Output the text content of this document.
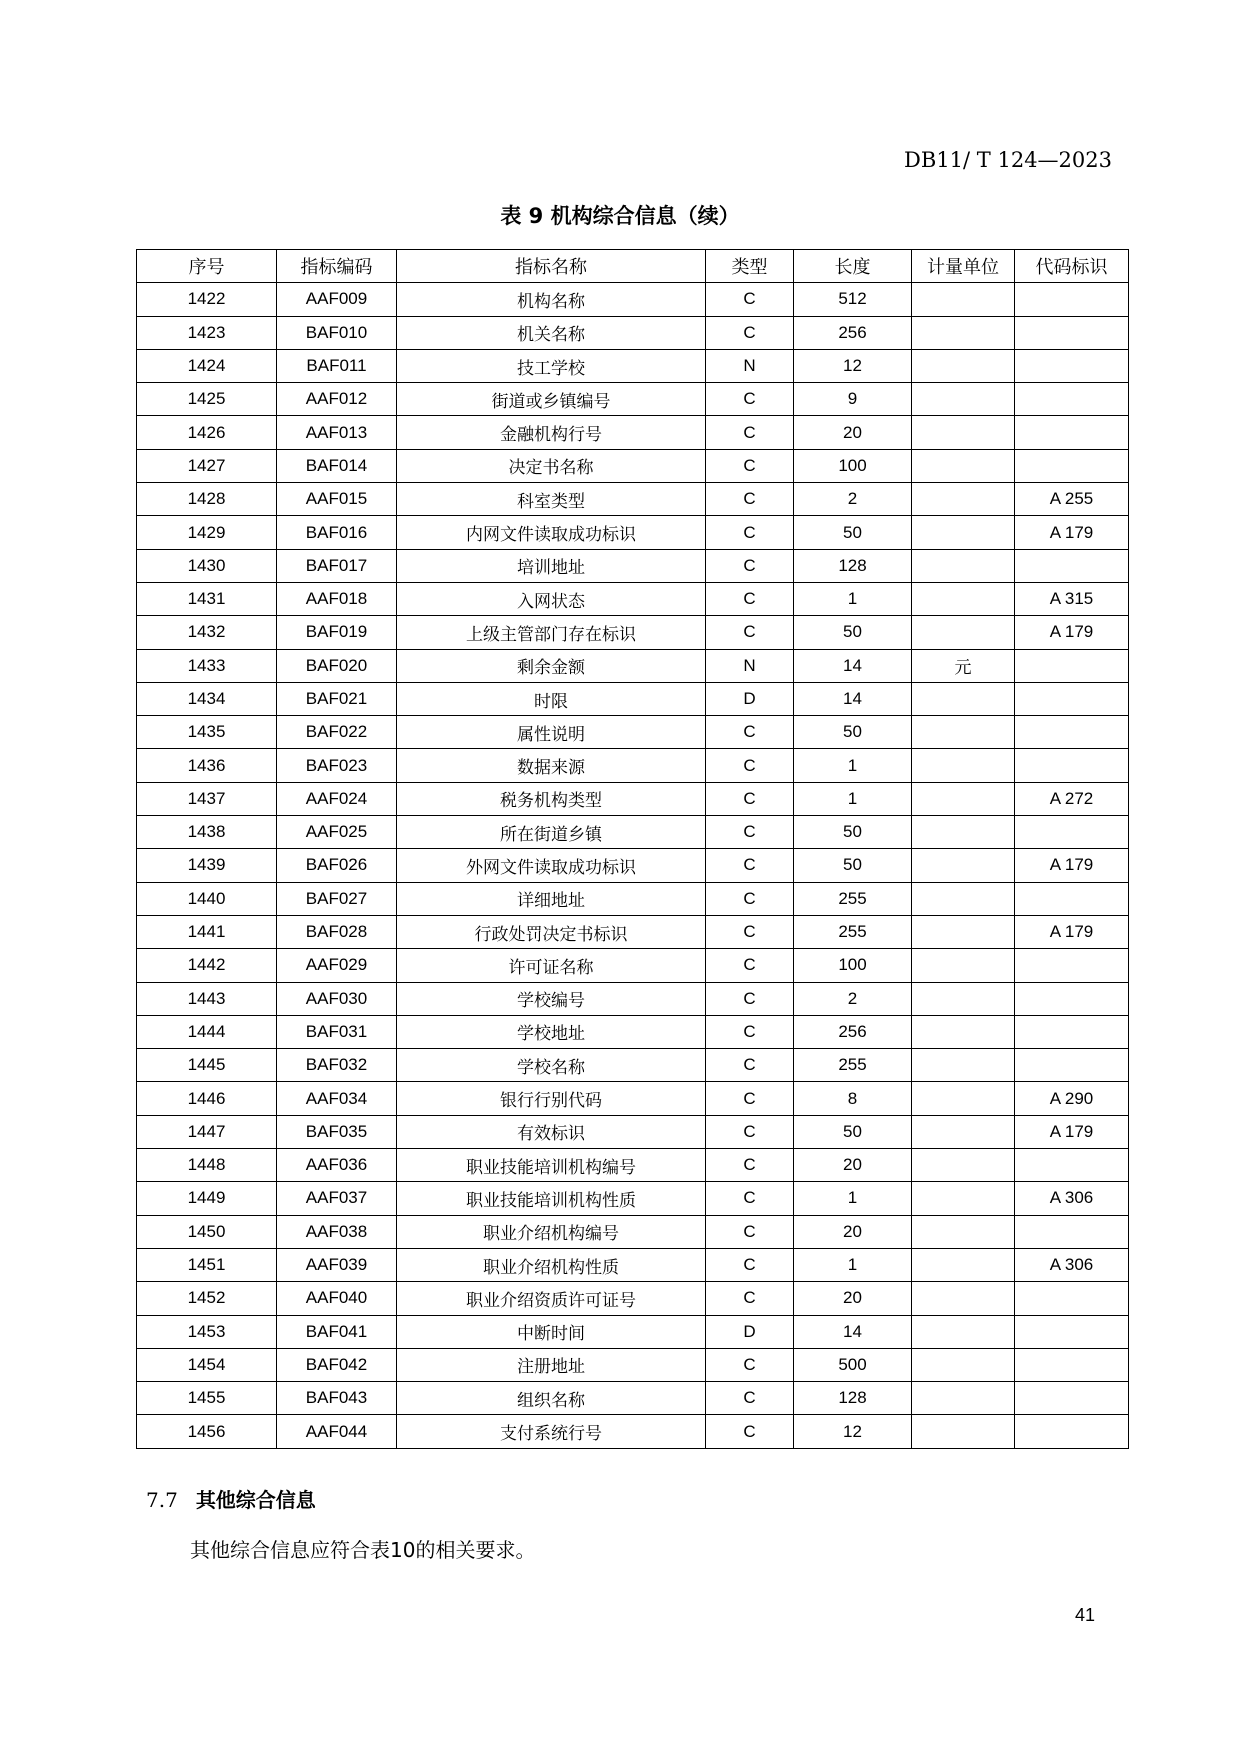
DB11/ T 124—2023
表 9 机构综合信息（续）
序号	指标编码	指标名称	类型	长度	计量单位	代码标识
1422	AAF009	机构名称	C	512		
1423	BAF010	机关名称	C	256		
1424	BAF011	技工学校	N	12		
1425	AAF012	街道或乡镇编号	C	9		
1426	AAF013	金融机构行号	C	20		
1427	BAF014	决定书名称	C	100		
1428	AAF015	科室类型	C	2		A 255
1429	BAF016	内网文件读取成功标识	C	50		A 179
1430	BAF017	培训地址	C	128		
1431	AAF018	入网状态	C	1		A 315
1432	BAF019	上级主管部门存在标识	C	50		A 179
1433	BAF020	剩余金额	N	14	元	
1434	BAF021	时限	D	14		
1435	BAF022	属性说明	C	50		
1436	BAF023	数据来源	C	1		
1437	AAF024	税务机构类型	C	1		A 272
1438	AAF025	所在街道乡镇	C	50		
1439	BAF026	外网文件读取成功标识	C	50		A 179
1440	BAF027	详细地址	C	255		
1441	BAF028	行政处罚决定书标识	C	255		A 179
1442	AAF029	许可证名称	C	100		
1443	AAF030	学校编号	C	2		
1444	BAF031	学校地址	C	256		
1445	BAF032	学校名称	C	255		
1446	AAF034	银行行别代码	C	8		A 290
1447	BAF035	有效标识	C	50		A 179
1448	AAF036	职业技能培训机构编号	C	20		
1449	AAF037	职业技能培训机构性质	C	1		A 306
1450	AAF038	职业介绍机构编号	C	20		
1451	AAF039	职业介绍机构性质	C	1		A 306
1452	AAF040	职业介绍资质许可证号	C	20		
1453	BAF041	中断时间	D	14		
1454	BAF042	注册地址	C	500		
1455	BAF043	组织名称	C	128		
1456	AAF044	支付系统行号	C	12		
7.7 其他综合信息
其他综合信息应符合表10的相关要求。
41
